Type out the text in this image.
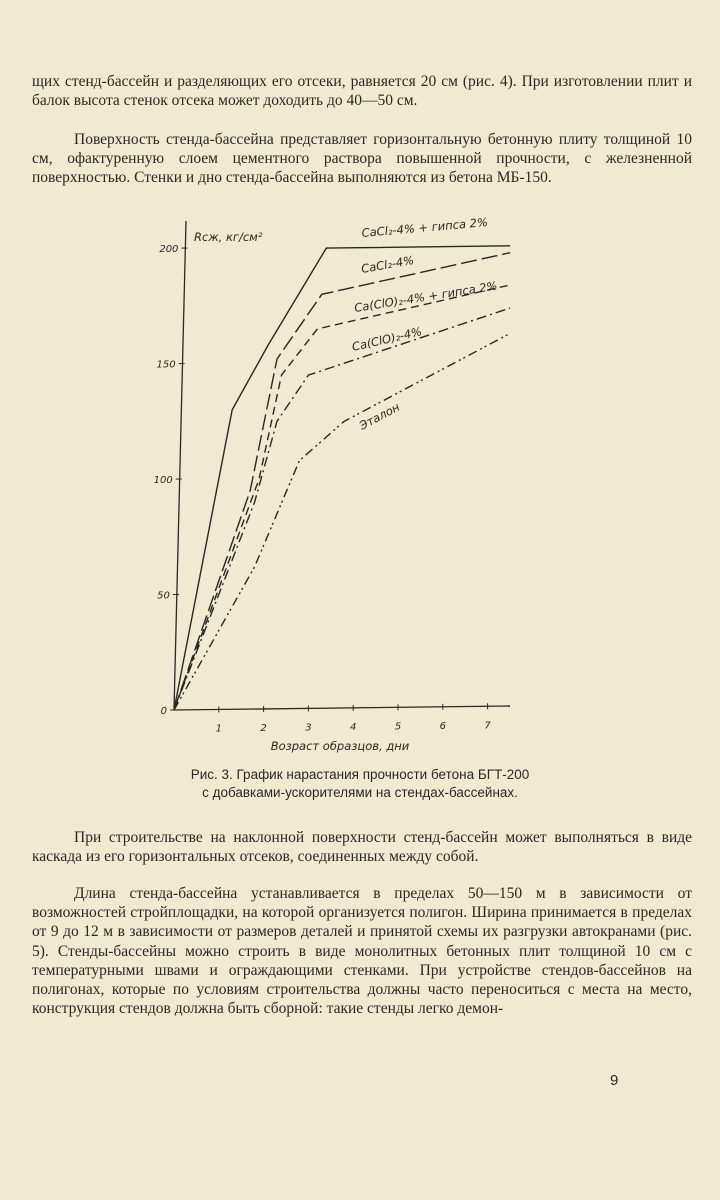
щих стенд-бассейн и разделяющих его отсеки, равняется 20 см (рис. 4). При изготовлении плит и балок высота стенок отсека может доходить до 40—50 см.

Поверхность стенда-бассейна представляет горизонтальную бетонную плиту толщиной 10 см, офактуренную слоем цементного раствора повышенной прочности, с железненной поверхностью. Стенки и дно стенда-бассейна выполняются из бетона МБ-150.

0
50
100
150
200
1	2	3	4	5	6	7
CaCl₂-4% + гипса 2%
CaCl₂-4%
Ca(ClO)₂-4% + гипса 2%
Ca(ClO)₂-4%
Эталон
Rсж, кг/см²
Возраст образцов, дни
Рис. 3. График нарастания прочности бетона БГТ-200
с добавками-ускорителями на стендах-бассейнах.

При строительстве на наклонной поверхности стенд-бассейн может выполняться в виде каскада из его горизонтальных отсеков, соединенных между собой.

Длина стенда-бассейна устанавливается в пределах 50—150 м в зависимости от возможностей стройплощадки, на которой организуется полигон. Ширина принимается в пределах от 9 до 12 м в зависимости от размеров деталей и принятой схемы их разгрузки автокранами (рис. 5). Стенды-бассейны можно строить в виде монолитных бетонных плит толщиной 10 см с температурными швами и ограждающими стенками. При устройстве стендов-бассейнов на полигонах, которые по условиям строительства должны часто переноситься с места на место, конструкция стендов должна быть сборной: такие стенды легко демон-

9
